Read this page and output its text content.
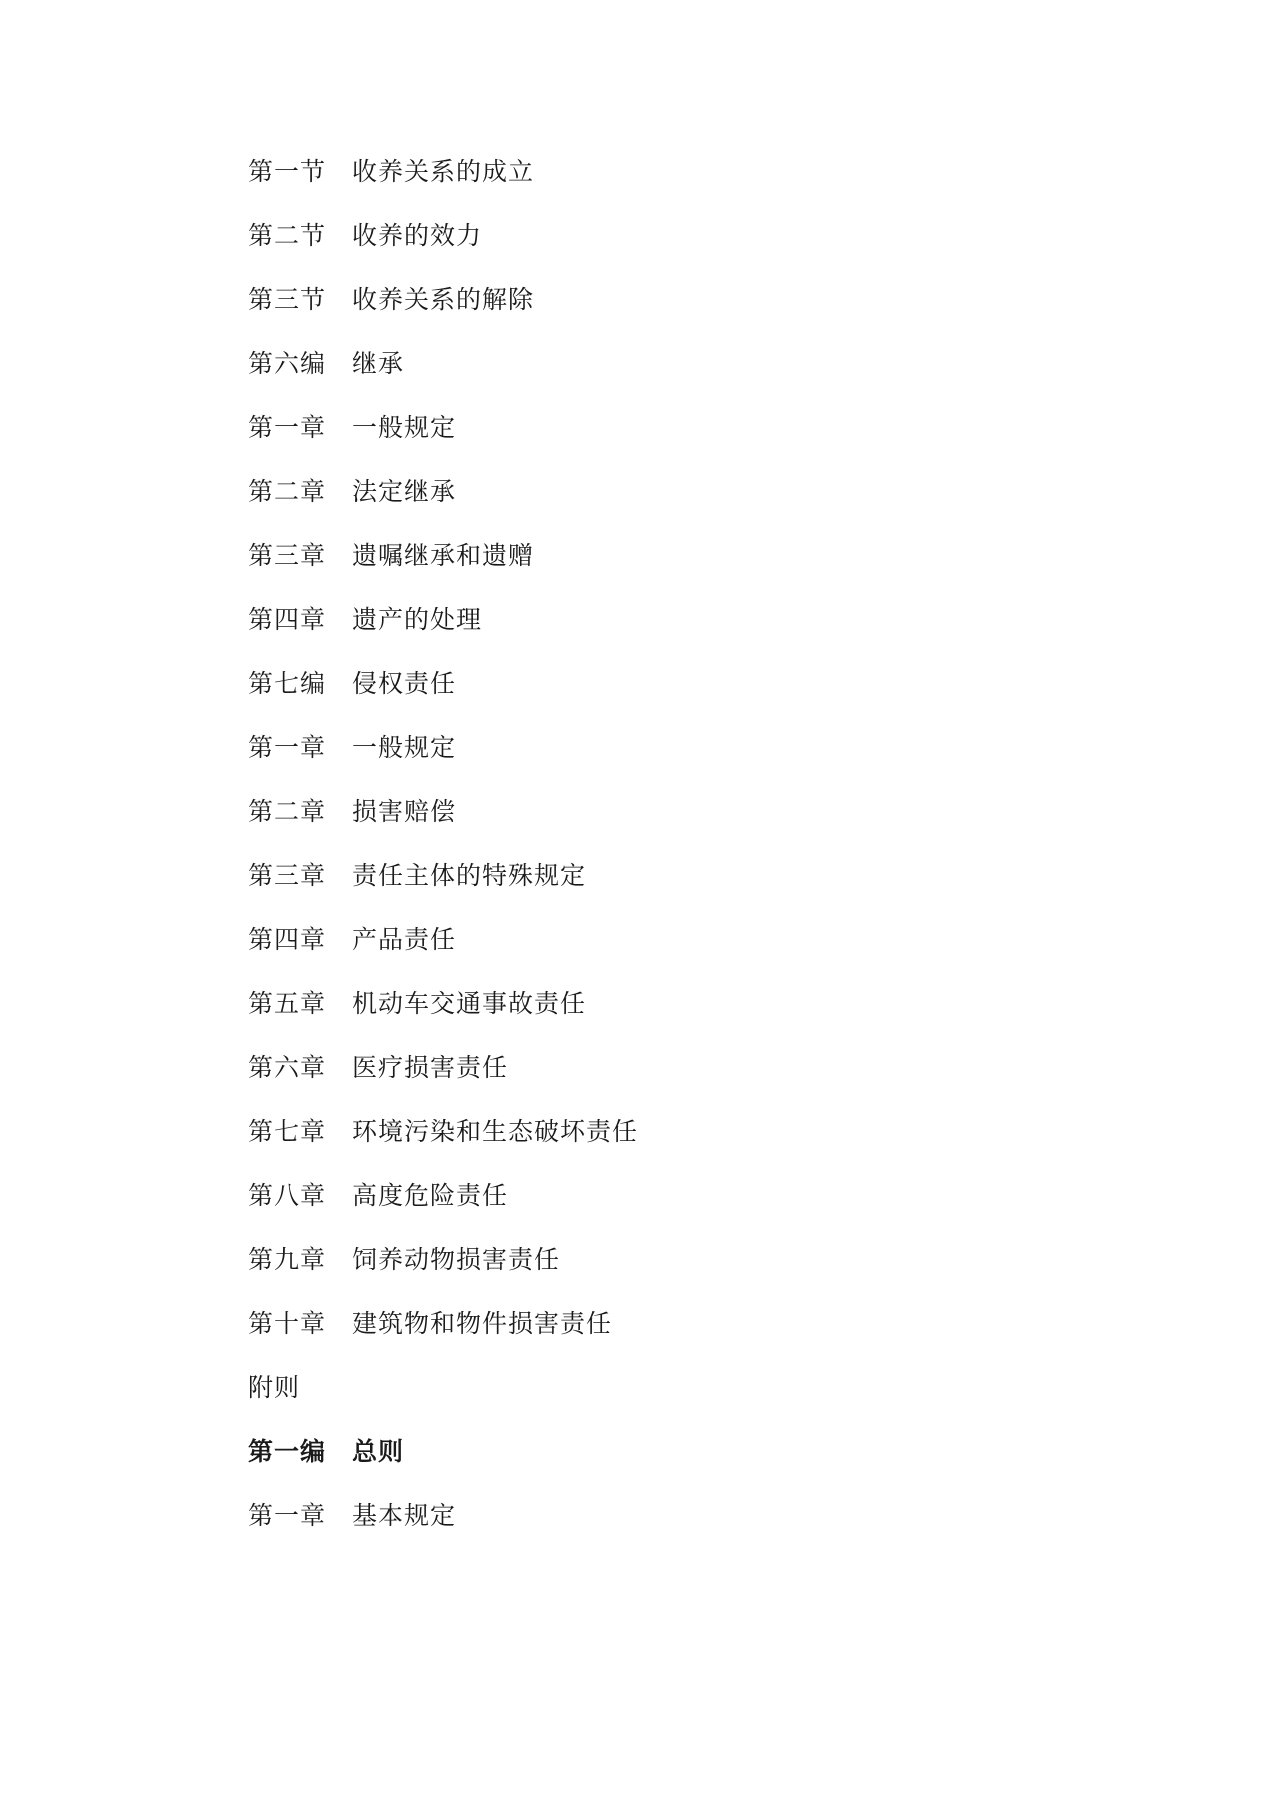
第一节	收养关系的成立
第二节	收养的效力
第三节	收养关系的解除
第六编	继承
第一章	一般规定
第二章	法定继承
第三章	遗嘱继承和遗赠
第四章	遗产的处理
第七编	侵权责任
第一章	一般规定
第二章	损害赔偿
第三章	责任主体的特殊规定
第四章	产品责任
第五章	机动车交通事故责任
第六章	医疗损害责任
第七章	环境污染和生态破坏责任
第八章	高度危险责任
第九章	饲养动物损害责任
第十章	建筑物和物件损害责任
附则
第一编	总则
第一章	基本规定
